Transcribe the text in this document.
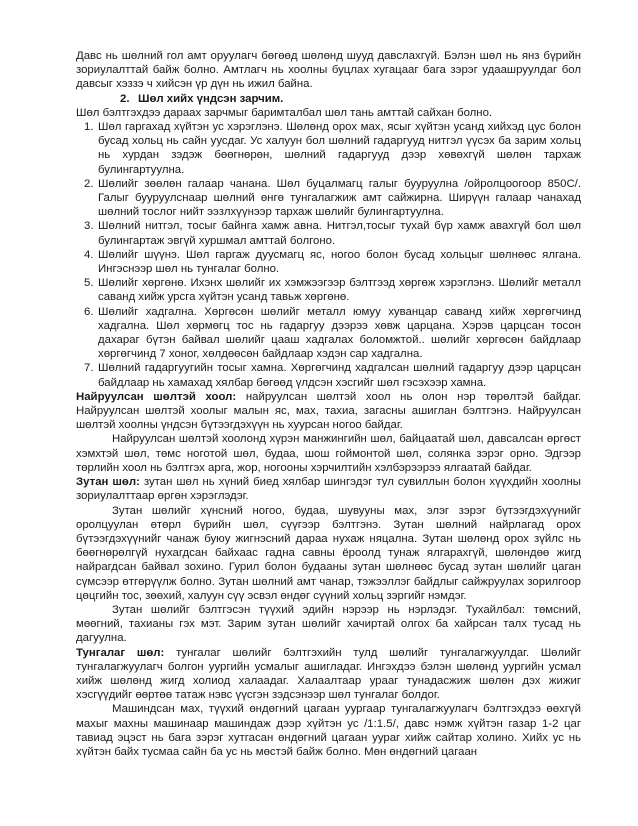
Давс нь шөлний гол амт оруулагч бөгөөд шөлөнд шууд давслахгүй. Бэлэн шөл нь янз бүрийн зориулалттай байж болно. Амтлагч нь хоолны буцлах хугацааг бага зэрэг удаашруулдаг бол давсыг хэззэ ч хийсэн үр дүн нь ижил байна.

2. Шөл хийх үндсэн зарчим.

Шөл бэлтгэхдээ дараах зарчмыг баримталбал шөл тань амттай сайхан болно.

1. Шөл гаргахад хүйтэн ус хэрэглэнэ. Шөлөнд орох мах, ясыг хүйтэн усанд хийхэд цус болон бусад хольц нь сайн уусдаг. Ус халуун бол шөлний гадаргууд нитгэл үүсэх ба зарим хольц нь хурдан зэдэж бөөгнөрөн, шөлний гадаргууд дээр хөвөхгүй шөлөн тархаж булингартуулна.
2. Шөлийг зөөлөн галаар чанана. Шөл буцалмагц галыг бууруулна /ойролцоогоор 850С/. Галыг бууруулснаар шөлний өнгө тунгалагжиж амт сайжирна. Ширүүн галаар чанахад шөлний тослог нийт ээзлхүүнээр тархаж шөлийг булингартуулна.
3. Шөлний нитгэл, тосыг байнга хамж авна. Нитгэл,тосыг тухай бүр хамж авахгүй бол шөл булингартаж эвгүй хуршмал амттай болгоно.
4. Шөлийг шүүнэ. Шөл гаргаж дуусмагц яс, ногоо болон бусад хольцыг шөлнөөс ялгана. Ингэснээр шөл нь тунгалаг болно.
5. Шөлийг хөргөнө. Ихэнх шөлийг их хэмжээгээр бэлтгээд хөргөж хэрэглэнэ. Шөлийг металл саванд хийж урсга хүйтэн усанд тавьж хөргөнө.
6. Шөлийг хадгална. Хөргөсөн шөлийг металл юмуу хуванцар саванд хийж хөргөгчинд хадгална. Шөл хөрмөгц тос нь гадаргуу дээрээ хөвж царцана. Хэрэв царцсан тосон дахараг бүтэн байвал шөлийг цааш хадгалах боломжтой.. шөлийг хөргөсөн байдлаар хөргөгчинд 7 хоног, хөлдөөсөн байдлаар хэдэн сар хадгална.
7. Шөлний гадаргуугийн тосыг хамна. Хөргөгчинд хадгалсан шөлний гадаргуу дээр царцсан байдлаар нь хамахад хялбар бөгөөд үлдсэн хэсгийг шөл гэсэхээр хамна.

Найруулсан шөлтэй хоол: найруулсан шөлтэй хоол нь олон нэр төрөлтэй байдаг. Найруулсан шөлтэй хоолыг малын яс, мах, тахиа, загасны ашиглан бэлтгэнэ. Найруулсан шөлтэй хоолны үндсэн бүтээгдэхүүн нь хуурсан ногоо байдаг.

Найруулсан шөлтэй хоолонд хүрэн манжингийн шөл, байцаатай шөл, давсалсан өргөст хэмхтэй шөл, төмс ноготой шөл, будаа, шош гоймонтой шөл, солянка зэрэг орно. Эдгээр төрлийн хоол нь бэлтгэх арга, жор, ногооны хэрчилтийн хэлбэрээрээ ялгаатай байдаг.

Зутан шөл: зутан шөл нь хүний биед хялбар шингэдэг тул сувиллын болон хүүхдийн хоолны зориулалттаар өргөн хэрэглэдэг.

Зутан шөлийг хүнсний ногоо, будаа, шувууны мах, элэг зэрэг бүтээгдэхүүнийг оролцуулан өтөрл бүрийн шөл, сүүгээр бэлтгэнэ. Зутан шөлний найрлагад орох бүтээгдэхүүнийг чанаж буюу жигнэсний дараа нухаж няцална. Зутан шөлөнд орох зүйлс нь бөөгнөрөлгүй нухагдсан байхаас гадна савны ёроолд тунаж ялгарахгүй, шөлөндөө жигд найрагдсан байвал зохино. Гурил болон будааны зутан шөлнөөс бусад зутан шөлийг цаган сүмсээр өтгөрүүлж болно. Зутан шөлний амт чанар, тэжээллэг байдлыг сайжруулах зорилгоор цөцгийн тос, зөөхий, халуун сүү эсвэл өндөг сүүний хольц зэргийг нэмдэг.

Зутан шөлийг бэлтгэсэн түүхий эдийн нэрээр нь нэрлэдэг. Тухайлбал: төмсний, мөөгний, тахианы гэх мэт. Зарим зутан шөлийг хачиртай олгох ба хайрсан талх тусад нь дагуулна.

Тунгалаг шөл: тунгалаг шөлийг бэлтгэхийн тулд шөлийг тунгалагжуулдаг. Шөлийг тунгалагжуулагч болгон уургийн усмалыг ашигладаг. Ингэхдээ бэлэн шөлөнд уургийн усмал хийж шөлөнд жигд холиод халаадаг. Халаалтаар урааг тунадасжиж шөлөн дэх жижиг хэсгүүдийг өөртөө татаж нэвс үүсгэн зэдсэнээр шөл тунгалаг болдог.

Машиндсан мах, түүхий өндөгний цагаан уургаар тунгалагжуулагч бэлтгэхдээ өөхгүй махыг махны машинаар машиндаж дээр хүйтэн ус /1:1.5/, давс нэмж хүйтэн газар 1-2 цаг тавиад эцэст нь бага зэрэг хутгасан өндөгний цагаан уураг хийж сайтар холино. Хийх ус нь хүйтэн байх тусмаа сайн ба ус нь мөстэй байж болно. Мөн өндөгний цагаан
